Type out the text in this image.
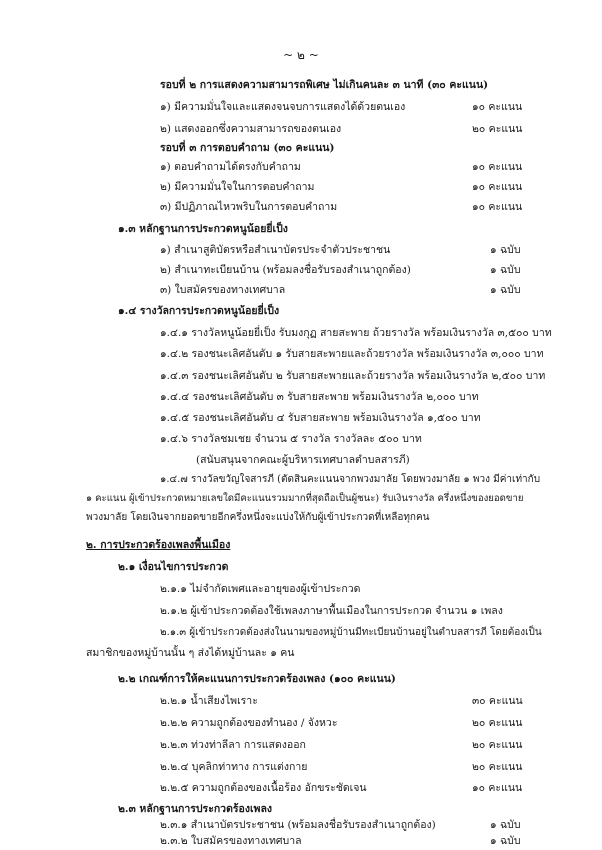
~ ๒ ~
รอบที่ ๒ การแสดงความสามารถพิเศษ ไม่เกินคนละ ๓ นาที (๓๐ คะแนน)
๑) มีความมั่นใจและแสดงจนจบการแสดงได้ด้วยตนเอง	๑๐ คะแนน
๒) แสดงออกซึ่งความสามารถของตนเอง	๒๐ คะแนน
รอบที่ ๓ การตอบคำถาม (๓๐ คะแนน)
๑) ตอบคำถามได้ตรงกับคำถาม	๑๐ คะแนน
๒) มีความมั่นใจในการตอบคำถาม	๑๐ คะแนน
๓) มีปฏิภาณไหวพริบในการตอบคำถาม	๑๐ คะแนน
๑.๓ หลักฐานการประกวดหนูน้อยยี่เป็ง
๑) สำเนาสูติบัตรหรือสำเนาบัตรประจำตัวประชาชน	๑ ฉบับ
๒) สำเนาทะเบียนบ้าน (พร้อมลงชื่อรับรองสำเนาถูกต้อง)	๑ ฉบับ
๓) ใบสมัครของทางเทศบาล	๑ ฉบับ
๑.๔ รางวัลการประกวดหนูน้อยยี่เป็ง
๑.๔.๑ รางวัลหนูน้อยยี่เป็ง รับมงกุฏ สายสะพาย ถ้วยรางวัล พร้อมเงินรางวัล ๓,๕๐๐ บาท
๑.๔.๒ รองชนะเลิศอันดับ ๑ รับสายสะพายและถ้วยรางวัล พร้อมเงินรางวัล ๓,๐๐๐ บาท
๑.๔.๓ รองชนะเลิศอันดับ ๒ รับสายสะพายและถ้วยรางวัล พร้อมเงินรางวัล ๒,๕๐๐ บาท
๑.๔.๔ รองชนะเลิศอันดับ ๓ รับสายสะพาย พร้อมเงินรางวัล ๒,๐๐๐ บาท
๑.๔.๕ รองชนะเลิศอันดับ ๔ รับสายสะพาย พร้อมเงินรางวัล ๑,๕๐๐ บาท
๑.๔.๖ รางวัลชมเชย จำนวน ๕ รางวัล รางวัลละ ๕๐๐ บาท
(สนับสนุนจากคณะผู้บริหารเทศบาลตำบลสารภี)
๑.๔.๗ รางวัลขวัญใจสารภี (ตัดสินคะแนนจากพวงมาลัย โดยพวงมาลัย ๑ พวง มีค่าเท่ากับ
๑ คะแนน ผู้เข้าประกวดหมายเลขใดมีคะแนนรวมมากที่สุดถือเป็นผู้ชนะ) รับเงินรางวัล ครึ่งหนึ่งของยอดขาย
พวงมาลัย โดยเงินจากยอดขายอีกครึ่งหนึ่งจะแบ่งให้กับผู้เข้าประกวดที่เหลือทุกคน
๒. การประกวดร้องเพลงพื้นเมือง
๒.๑ เงื่อนไขการประกวด
๒.๑.๑ ไม่จำกัดเพศและอายุของผู้เข้าประกวด
๒.๑.๒ ผู้เข้าประกวดต้องใช้เพลงภาษาพื้นเมืองในการประกวด จำนวน ๑ เพลง
๒.๑.๓ ผู้เข้าประกวดต้องส่งในนามของหมู่บ้านมีทะเบียนบ้านอยู่ในตำบลสารภี โดยต้องเป็น
สมาชิกของหมู่บ้านนั้น ๆ ส่งได้หมู่บ้านละ ๑ คน
๒.๒ เกณฑ์การให้คะแนนการประกวดร้องเพลง (๑๐๐ คะแนน)
๒.๒.๑ น้ำเสียงไพเราะ	๓๐ คะแนน
๒.๒.๒ ความถูกต้องของทำนอง / จังหวะ	๒๐ คะแนน
๒.๒.๓ ท่วงท่าลีลา การแสดงออก	๒๐ คะแนน
๒.๒.๔ บุคลิกท่าทาง การแต่งกาย	๒๐ คะแนน
๒.๒.๕ ความถูกต้องของเนื้อร้อง อักขระชัดเจน	๑๐ คะแนน
๒.๓ หลักฐานการประกวดร้องเพลง
๒.๓.๑ สำเนาบัตรประชาชน (พร้อมลงชื่อรับรองสำเนาถูกต้อง)	๑ ฉบับ
๒.๓.๒ ใบสมัครของทางเทศบาล	๑ ฉบับ
